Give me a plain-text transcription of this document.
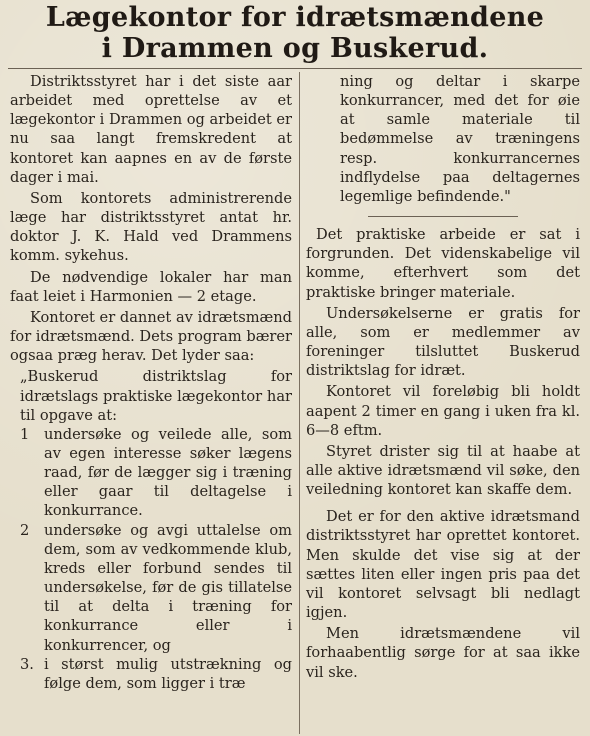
Lægekontor for idrætsmændene
i Drammen og Buskerud.

Distriktsstyret har i det siste aar arbeidet med oprettelse av et lægekontor i Drammen og arbeidet er nu saa langt fremskredent at kontoret kan aapnes en av de første dager i mai.

Som kontorets administrerende læge har distriktsstyret antat hr. doktor J. K. Hald ved Drammens komm. sykehus.

De nødvendige lokaler har man faat leiet i Harmonien — 2 etage.

Kontoret er dannet av idrætsmænd for idrætsmænd. Dets program bærer ogsaa præg herav. Det lyder saa:

„Buskerud distriktslag for idrætslags praktiske lægekontor har til opgave at:

1	undersøke og veilede alle, som av egen interesse søker lægens raad, før de lægger sig i træning eller gaar til deltagelse i konkurrance.
2	undersøke og avgi uttalelse om dem, som av vedkommende klub, kreds eller forbund sendes til undersøkelse, før de gis tillatelse til at delta i træning for konkurrance eller i konkurrencer, og
3. i størst mulig utstrækning og følge dem, som ligger i træ

ning og deltar i skarpe konkurrancer, med det for øie at samle materiale til bedømmelse av træningens resp. konkurrancernes indflydelse paa deltagernes legemlige befindende."

Det praktiske arbeide er sat i forgrunden. Det videnskabelige vil komme, efterhvert som det praktiske bringer materiale.

Undersøkelserne er gratis for alle, som er medlemmer av foreninger tilsluttet Buskerud distriktslag for idræt.

Kontoret vil foreløbig bli holdt aapent 2 timer en gang i uken fra kl. 6—8 eftm.

Styret drister sig til at haabe at alle aktive idrætsmænd vil søke, den veiledning kontoret kan skaffe dem.

Det er for den aktive idrætsmand distriktsstyret har oprettet kontoret. Men skulde det vise sig at der sættes liten eller ingen pris paa det vil kontoret selvsagt bli nedlagt igjen.

Men idrætsmændene vil forhaabentlig sørge for at saa ikke vil ske.
